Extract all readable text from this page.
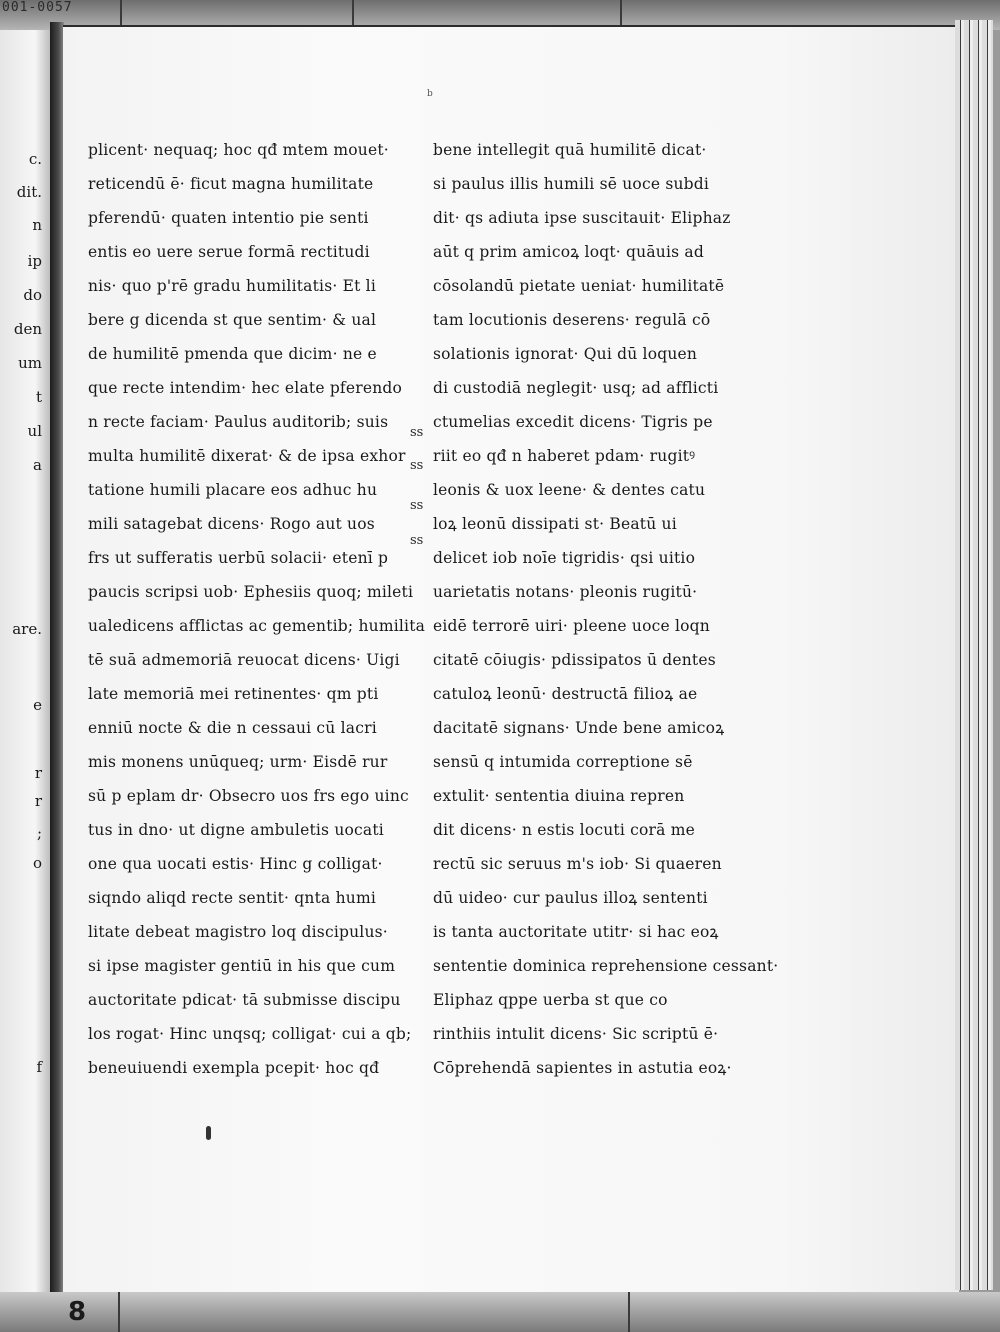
001-0057
c.
dit.
n
ip
do
den
um
t
ul
a
are.
e
r
r
;
o
f
b
plicent· nequaq; hoc qđ mtem mouet·
reticendū ē· ficut magna humilitate
pferendū· quaten intentio pie senti
entis eo uere serue formā rectitudi
nis· quo p'rē gradu humilitatis· Et li
bere g dicenda st que sentim· & ual
de humilitē pmenda que dicim· ne e
que recte intendim· hec elate pferendo
n recte faciam· Paulus auditorib; suis
multa humilitē dixerat· & de ipsa exhor
tatione humili placare eos adhuc hu
mili satagebat dicens· Rogo aut uos
frs ut sufferatis uerbū solacii· etenī p
paucis scripsi uob· Ephesiis quoq; mileti
ualedicens afflictas ac gementib; humilita
tē suā admemoriā reuocat dicens· Uigi
late memoriā mei retinentes· qm pti
enniū nocte & die n cessaui cū lacri
mis monens unūqueq; urm· Eisdē rur
sū p eplam dr· Obsecro uos frs ego uinc
tus in dno· ut digne ambuletis uocati
one qua uocati estis· Hinc g colligat·
siqndo aliqd recte sentit· qnta humi
litate debeat magistro loq discipulus·
si ipse magister gentiū in his que cum
auctoritate pdicat· tā submisse discipu
los rogat· Hinc unqsq; colligat· cui a qb;
beneuiuendi exempla pcepit· hoc qđ
bene intellegit quā humilitē dicat·
si paulus illis humili sē uoce subdi
dit· qs adiuta ipse suscitauit· Eliphaz
aūt q prim amicoꝝ loqt· quāuis ad
cōsolandū pietate ueniat· humilitatē
tam locutionis deserens· regulā cō
solationis ignorat· Qui dū loquen
di custodiā neglegit· usq; ad afflicti
ctumelias excedit dicens· Tigris pe
riit eo qđ n haberet pdam· rugitꝰ
leonis & uox leene· & dentes catu
loꝝ leonū dissipati st· Beatū ui
delicet iob noīe tigridis· qsi uitio
uarietatis notans· pleonis rugitū·
eidē terrorē uiri· pleene uoce loqn
citatē cōiugis· pdissipatos ū dentes
catuloꝝ leonū· destructā filioꝝ ae
dacitatē signans· Unde bene amicoꝝ
sensū q intumida correptione sē
extulit· sententia diuina repren
dit dicens· n estis locuti corā me
rectū sic seruus m's iob· Si quaeren
dū uideo· cur paulus illoꝝ sententi
is tanta auctoritate utitr· si hac eoꝝ
sententie dominica reprehensione cessant·
Eliphaz qppe uerba st que co
rinthiis intulit dicens· Sic scriptū ē·
Cōprehendā sapientes in astutia eoꝝ·
ss
ss
ss
ss
8
